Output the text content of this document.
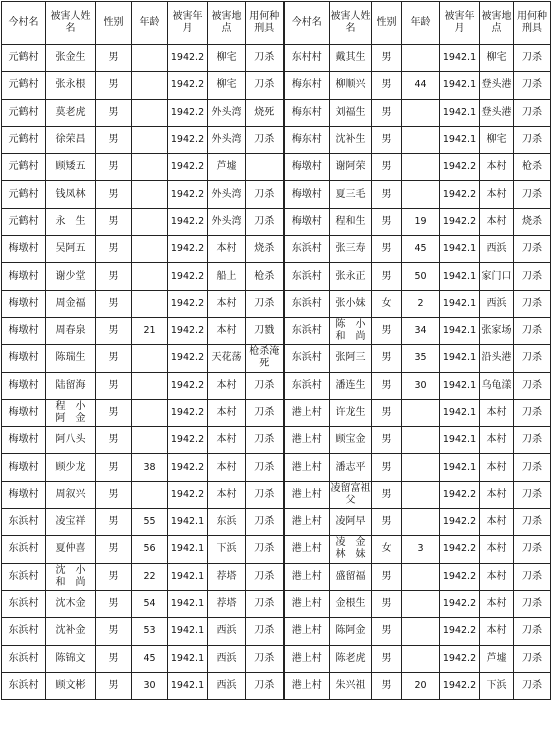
今村名	被害人姓名	性别	年龄	被害年月	被害地点	用何种刑具	今村名	被害人姓名	性别	年龄	被害年月	被害地点	用何种刑具
元鹤村	张金生	男		1942.2	柳宅	刀杀	东村村	戴其生	男		1942.1	柳宅	刀杀
元鹤村	张永根	男		1942.2	柳宅	刀杀	梅东村	柳顺兴	男	44	1942.1	登头港	刀杀
元鹤村	莫老虎	男		1942.2	外头湾	烧死	梅东村	刘福生	男		1942.1	登头港	刀杀
元鹤村	徐荣昌	男		1942.2	外头湾	刀杀	梅东村	沈补生	男		1942.1	柳宅	刀杀
元鹤村	顾矮五	男		1942.2	芦墟		梅墩村	谢阿荣	男		1942.2	本村	枪杀
元鹤村	钱凤林	男		1942.2	外头湾	刀杀	梅墩村	夏三毛	男		1942.2	本村	刀杀
元鹤村	永　生	男		1942.2	外头湾	刀杀	梅墩村	程和生	男	19	1942.2	本村	烧杀
梅墩村	吴阿五	男		1942.2	本村	烧杀	东浜村	张三寿	男	45	1942.1	西浜	刀杀
梅墩村	谢少堂	男		1942.2	船上	枪杀	东浜村	张永正	男	50	1942.1	家门口	刀杀
梅墩村	周金福	男		1942.2	本村	刀杀	东浜村	张小妹	女	2	1942.1	西浜	刀杀
梅墩村	周春泉	男	21	1942.2	本村	刀戮	东浜村	陈　小　和　尚	男	34	1942.1	张家场	刀杀
梅墩村	陈瑞生	男		1942.2	天花荡	枪杀淹死	东浜村	张阿三	男	35	1942.1	沿头港	刀杀
梅墩村	陆留海	男		1942.2	本村	刀杀	东浜村	潘连生	男	30	1942.1	乌龟漾	刀杀
梅墩村	程　小　阿　金	男		1942.2	本村	刀杀	港上村	许龙生	男		1942.1	本村	刀杀
梅墩村	阿八头	男		1942.2	本村	刀杀	港上村	顾宝金	男		1942.1	本村	刀杀
梅墩村	顾少龙	男	38	1942.2	本村	刀杀	港上村	潘志平	男		1942.1	本村	刀杀
梅墩村	周叙兴	男		1942.2	本村	刀杀	港上村	凌留富祖父	男		1942.2	本村	刀杀
东浜村	凌宝祥	男	55	1942.1	东浜	刀杀	港上村	凌阿早	男		1942.2	本村	刀杀
东浜村	夏仲喜	男	56	1942.1	下浜	刀杀	港上村	凌　金　林　妹	女	3	1942.2	本村	刀杀
东浜村	沈　小　和　尚	男	22	1942.1	荐塔	刀杀	港上村	盛留福	男		1942.2	本村	刀杀
东浜村	沈木金	男	54	1942.1	荐塔	刀杀	港上村	金根生	男		1942.2	本村	刀杀
东浜村	沈补金	男	53	1942.1	西浜	刀杀	港上村	陈阿金	男		1942.2	本村	刀杀
东浜村	陈锦文	男	45	1942.1	西浜	刀杀	港上村	陈老虎	男		1942.2	芦墟	刀杀
东浜村	顾文彬	男	30	1942.1	西浜	刀杀	港上村	朱兴祖	男	20	1942.2	下浜	刀杀
